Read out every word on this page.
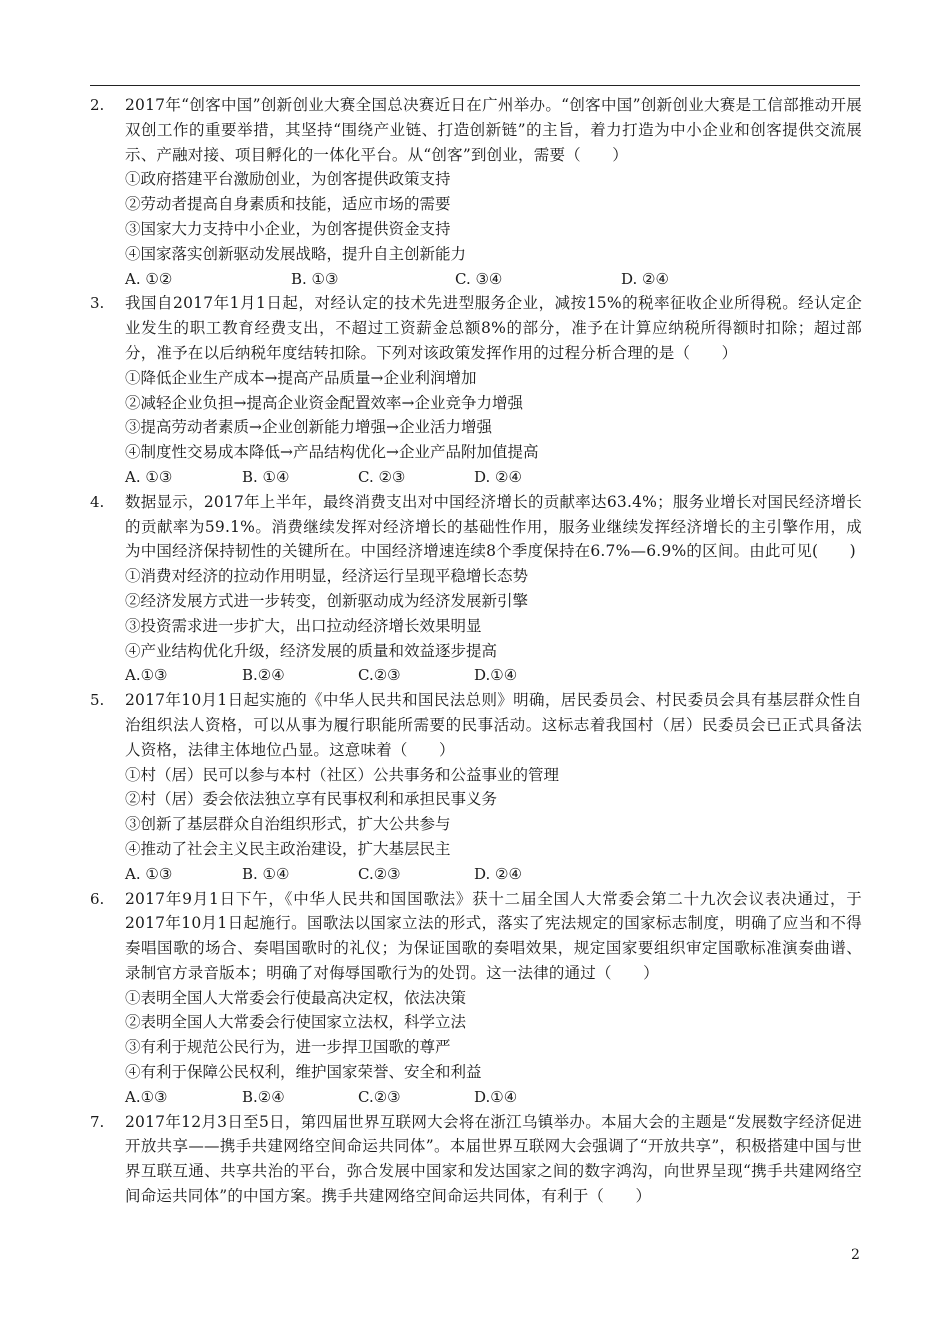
2. 2017年“创客中国”创新创业大赛全国总决赛近日在广州举办。“创客中国”创新创业大赛是工信部推动开展双创工作的重要举措，其坚持“围绕产业链、打造创新链”的主旨，着力打造为中小企业和创客提供交流展示、产融对接、项目孵化的一体化平台。从“创客”到创业，需要（　　）
①政府搭建平台激励创业，为创客提供政策支持
②劳动者提高自身素质和技能，适应市场的需要
③国家大力支持中小企业，为创客提供资金支持
④国家落实创新驱动发展战略，提升自主创新能力
A. ①②	B. ①③	C. ③④	D. ②④
3. 我国自2017年1月1日起，对经认定的技术先进型服务企业，减按15%的税率征收企业所得税。经认定企业发生的职工教育经费支出，不超过工资薪金总额8%的部分，准予在计算应纳税所得额时扣除；超过部分，准予在以后纳税年度结转扣除。下列对该政策发挥作用的过程分析合理的是（　　）
①降低企业生产成本→提高产品质量→企业利润增加
②减轻企业负担→提高企业资金配置效率→企业竞争力增强
③提高劳动者素质→企业创新能力增强→企业活力增强
④制度性交易成本降低→产品结构优化→企业产品附加值提高
A. ①③	B. ①④	C. ②③	D. ②④
4. 数据显示，2017年上半年，最终消费支出对中国经济增长的贡献率达63.4%；服务业增长对国民经济增长的贡献率为59.1%。消费继续发挥对经济增长的基础性作用，服务业继续发挥经济增长的主引擎作用，成为中国经济保持韧性的关键所在。中国经济增速连续8个季度保持在6.7%—6.9%的区间。由此可见(　　)
①消费对经济的拉动作用明显，经济运行呈现平稳增长态势
②经济发展方式进一步转变，创新驱动成为经济发展新引擎
③投资需求进一步扩大，出口拉动经济增长效果明显
④产业结构优化升级，经济发展的质量和效益逐步提高
A.①③	B.②④	C.②③	D.①④
5. 2017年10月1日起实施的《中华人民共和国民法总则》明确，居民委员会、村民委员会具有基层群众性自治组织法人资格，可以从事为履行职能所需要的民事活动。这标志着我国村（居）民委员会已正式具备法人资格，法律主体地位凸显。这意味着（　　）
①村（居）民可以参与本村（社区）公共事务和公益事业的管理
②村（居）委会依法独立享有民事权利和承担民事义务
③创新了基层群众自治组织形式，扩大公共参与
④推动了社会主义民主政治建设，扩大基层民主
A. ①③	B. ①④	C.②③	D. ②④
6. 2017年9月1日下午，《中华人民共和国国歌法》获十二届全国人大常委会第二十九次会议表决通过，于2017年10月1日起施行。国歌法以国家立法的形式，落实了宪法规定的国家标志制度，明确了应当和不得奏唱国歌的场合、奏唱国歌时的礼仪；为保证国歌的奏唱效果，规定国家要组织审定国歌标准演奏曲谱、录制官方录音版本；明确了对侮辱国歌行为的处罚。这一法律的通过（　　）
①表明全国人大常委会行使最高决定权，依法决策
②表明全国人大常委会行使国家立法权，科学立法
③有利于规范公民行为，进一步捍卫国歌的尊严
④有利于保障公民权利，维护国家荣誉、安全和利益
A.①③	B.②④	C.②③	D.①④
7. 2017年12月3日至5日，第四届世界互联网大会将在浙江乌镇举办。本届大会的主题是“发展数字经济促进开放共享——携手共建网络空间命运共同体”。本届世界互联网大会强调了“开放共享”，积极搭建中国与世界互联互通、共享共治的平台，弥合发展中国家和发达国家之间的数字鸿沟，向世界呈现“携手共建网络空间命运共同体”的中国方案。携手共建网络空间命运共同体，有利于（　　）
2
